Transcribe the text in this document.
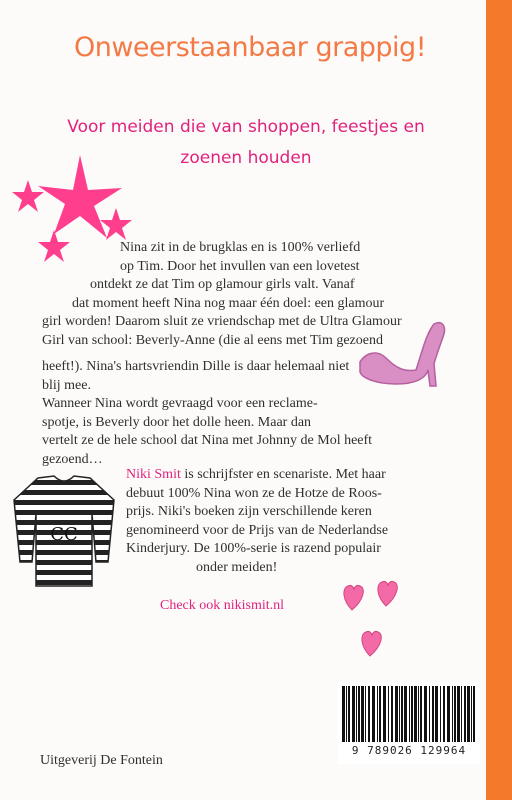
Onweerstaanbaar grappig!
Voor meiden die van shoppen, feestjes en
zoenen houden
Nina zit in de brugklas en is 100% verliefd
op Tim. Door het invullen van een lovetest
ontdekt ze dat Tim op glamour girls valt. Vanaf
dat moment heeft Nina nog maar één doel: een glamour
girl worden! Daarom sluit ze vriendschap met de Ultra Glamour
Girl van school: Beverly-Anne (die al eens met Tim gezoend
heeft!). Nina's hartsvriendin Dille is daar helemaal niet
blij mee.
Wanneer Nina wordt gevraagd voor een reclame-
spotje, is Beverly door het dolle heen. Maar dan
vertelt ze de hele school dat Nina met Johnny de Mol heeft
gezoend…
CC
Niki Smit is schrijfster en scenariste. Met haar
debuut 100% Nina won ze de Hotze de Roos-
prijs. Niki's boeken zijn verschillende keren
genomineerd voor de Prijs van de Nederlandse
Kinderjury. De 100%-serie is razend populair
onder meiden!
Check ook nikismit.nl
9 789026 129964
Uitgeverij De Fontein
